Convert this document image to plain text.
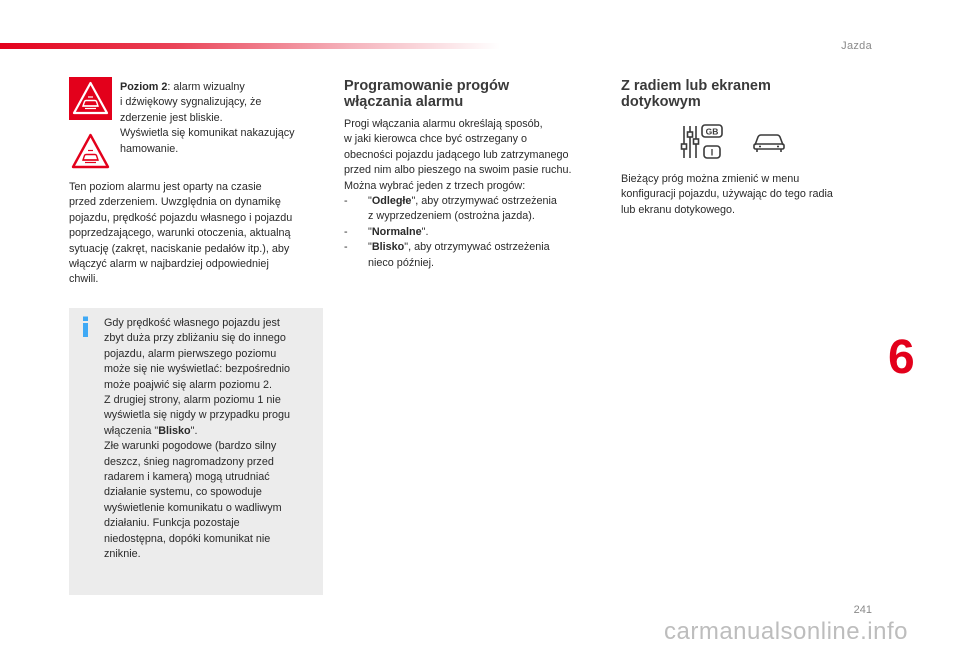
Jazda

Poziom 2: alarm wizualny

i dźwiękowy sygnalizujący, że

zderzenie jest bliskie.

Wyświetla się komunikat nakazujący

hamowanie.

Ten poziom alarmu jest oparty na czasie

przed zderzeniem. Uwzględnia on dynamikę

pojazdu, prędkość pojazdu własnego i pojazdu

poprzedzającego, warunki otoczenia, aktualną

sytuację (zakręt, naciskanie pedałów itp.), aby

włączyć alarm w najbardziej odpowiedniej

chwili.

Gdy prędkość własnego pojazdu jest

zbyt duża przy zbliżaniu się do innego

pojazdu, alarm pierwszego poziomu

może się nie wyświetlać: bezpośrednio

może poajwić się alarm poziomu 2.

Z drugiej strony, alarm poziomu 1 nie

wyświetla się nigdy w przypadku progu

włączenia "Blisko".

Złe warunki pogodowe (bardzo silny

deszcz, śnieg nagromadzony przed

radarem i kamerą) mogą utrudniać

działanie systemu, co spowoduje

wyświetlenie komunikatu o wadliwym

działaniu. Funkcja pozostaje

niedostępna, dopóki komunikat nie

zniknie.

Programowanie progów
włączania alarmu

Progi włączania alarmu określają sposób,

w jaki kierowca chce być ostrzegany o

obecności pojazdu jadącego lub zatrzymanego

przed nim albo pieszego na swoim pasie ruchu.

Można wybrać jeden z trzech progów:

-	"Odległe", aby otrzymywać ostrzeżenia
z wyprzedzeniem (ostrożna jazda).
-	"Normalne".
-	"Blisko", aby otrzymywać ostrzeżenia
nieco później.
Z radiem lub ekranem
dotykowym
GB
I

Bieżący próg można zmienić w menu

konfiguracji pojazdu, używając do tego radia

lub ekranu dotykowego.

6
241
carmanualsonline.info
